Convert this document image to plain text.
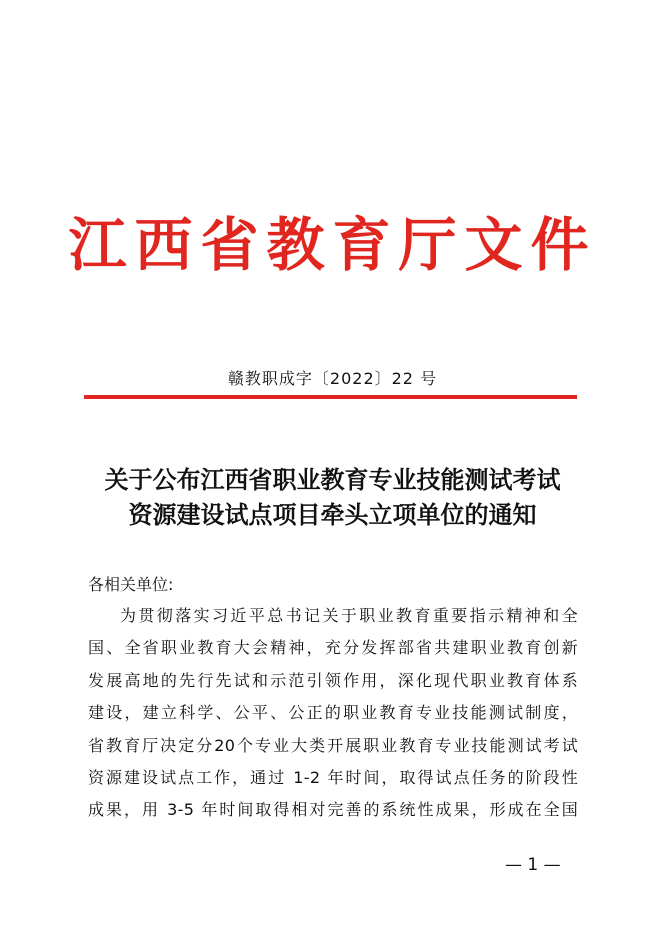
江西省教育厅文件
赣教职成字〔2022〕22 号
关于公布江西省职业教育专业技能测试考试
资源建设试点项目牵头立项单位的通知
各相关单位:
为贯彻落实习近平总书记关于职业教育重要指示精神和全
国、全省职业教育大会精神，充分发挥部省共建职业教育创新
发展高地的先行先试和示范引领作用，深化现代职业教育体系
建设，建立科学、公平、公正的职业教育专业技能测试制度，
省教育厅决定分20个专业大类开展职业教育专业技能测试考试
资源建设试点工作，通过 1-2 年时间，取得试点任务的阶段性
成果，用 3-5 年时间取得相对完善的系统性成果，形成在全国
— 1 —
